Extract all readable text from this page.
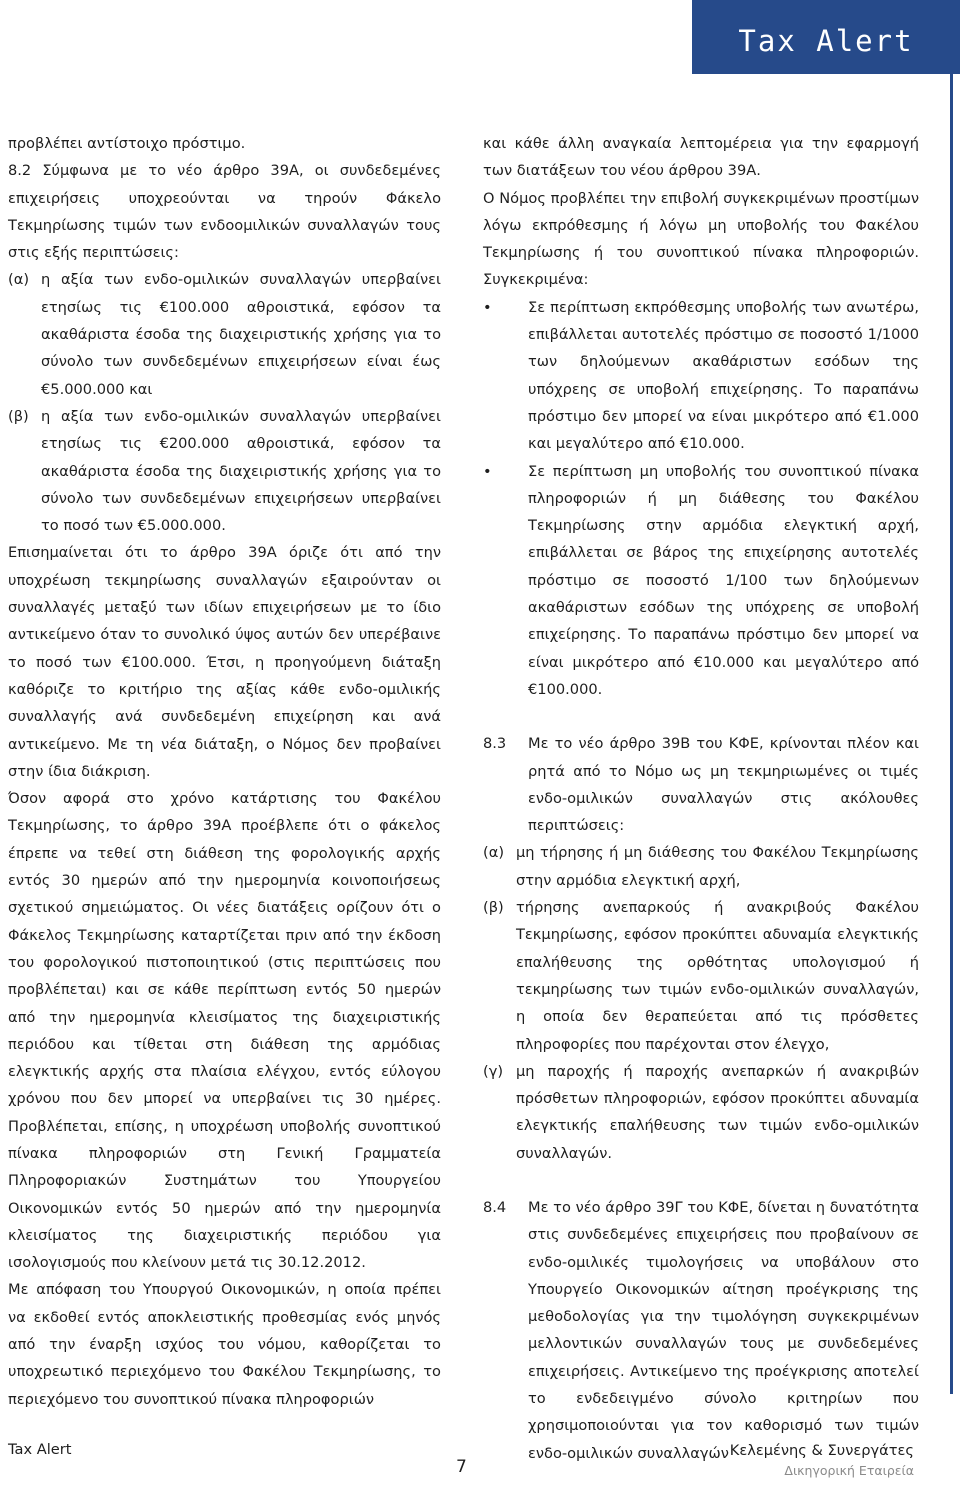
Tax Alert

προβλέπει αντίστοιχο πρόστιμο.

8.2 Σύμφωνα με το νέο άρθρο 39Α, οι συνδεδεμένες επιχειρήσεις υποχρεούνται να τηρούν Φάκελο Τεκμηρίωσης τιμών των ενδοομιλικών συναλλαγών τους στις εξής περιπτώσεις:

(α) η αξία των ενδο-ομιλικών συναλλαγών υπερβαίνει ετησίως τις €100.000 αθροιστικά, εφόσον τα ακαθάριστα έσοδα της διαχειριστικής χρήσης για το σύνολο των συνδεδεμένων επιχειρήσεων είναι έως €5.000.000 και
(β) η αξία των ενδο-ομιλικών συναλλαγών υπερβαίνει ετησίως τις €200.000 αθροιστικά, εφόσον τα ακαθάριστα έσοδα της διαχειριστικής χρήσης για το σύνολο των συνδεδεμένων επιχειρήσεων υπερβαίνει το ποσό των €5.000.000.

Επισημαίνεται ότι το άρθρο 39Α όριζε ότι από την υποχρέωση τεκμηρίωσης συναλλαγών εξαιρούνταν οι συναλλαγές μεταξύ των ιδίων επιχειρήσεων με το ίδιο αντικείμενο όταν το συνολικό ύψος αυτών δεν υπερέβαινε το ποσό των €100.000. Έτσι, η προηγούμενη διάταξη καθόριζε το κριτήριο της αξίας κάθε ενδο-ομιλικής συναλλαγής ανά συνδεδεμένη επιχείρηση και ανά αντικείμενο. Με τη νέα διάταξη, ο Νόμος δεν προβαίνει στην ίδια διάκριση.

Όσον αφορά στο χρόνο κατάρτισης του Φακέλου Τεκμηρίωσης, το άρθρο 39Α προέβλεπε ότι ο φάκελος έπρεπε να τεθεί στη διάθεση της φορολογικής αρχής εντός 30 ημερών από την ημερομηνία κοινοποιήσεως σχετικού σημειώματος. Οι νέες διατάξεις ορίζουν ότι ο Φάκελος Τεκμηρίωσης καταρτίζεται πριν από την έκδοση του φορολογικού πιστοποιητικού (στις περιπτώσεις που προβλέπεται) και σε κάθε περίπτωση εντός 50 ημερών από την ημερομηνία κλεισίματος της διαχειριστικής περιόδου και τίθεται στη διάθεση της αρμόδιας ελεγκτικής αρχής στα πλαίσια ελέγχου, εντός εύλογου χρόνου που δεν μπορεί να υπερβαίνει τις 30 ημέρες. Προβλέπεται, επίσης, η υποχρέωση υποβολής συνοπτικού πίνακα πληροφοριών στη Γενική Γραμματεία Πληροφοριακών Συστημάτων του Υπουργείου Οικονομικών εντός 50 ημερών από την ημερομηνία κλεισίματος της διαχειριστικής περιόδου για ισολογισμούς που κλείνουν μετά τις 30.12.2012.

Με απόφαση του Υπουργού Οικονομικών, η οποία πρέπει να εκδοθεί εντός αποκλειστικής προθεσμίας ενός μηνός από την έναρξη ισχύος του νόμου, καθορίζεται το υποχρεωτικό περιεχόμενο του Φακέλου Τεκμηρίωσης, το περιεχόμενο του συνοπτικού πίνακα πληροφοριών

και κάθε άλλη αναγκαία λεπτομέρεια για την εφαρμογή των διατάξεων του νέου άρθρου 39Α.

Ο Νόμος προβλέπει την επιβολή συγκεκριμένων προστίμων λόγω εκπρόθεσμης ή λόγω μη υποβολής του Φακέλου Τεκμηρίωσης ή του συνοπτικού πίνακα πληροφοριών. Συγκεκριμένα:

•	Σε περίπτωση εκπρόθεσμης υποβολής των ανωτέρω, επιβάλλεται αυτοτελές πρόστιμο σε ποσοστό 1/1000 των δηλούμενων ακαθάριστων εσόδων της υπόχρεης σε υποβολή επιχείρησης. Το παραπάνω πρόστιμο δεν μπορεί να είναι μικρότερο από €1.000 και μεγαλύτερο από €10.000.
•	Σε περίπτωση μη υποβολής του συνοπτικού πίνακα πληροφοριών ή μη διάθεσης του Φακέλου Τεκμηρίωσης στην αρμόδια ελεγκτική αρχή, επιβάλλεται σε βάρος της επιχείρησης αυτοτελές πρόστιμο σε ποσοστό 1/100 των δηλούμενων ακαθάριστων εσόδων της υπόχρεης σε υποβολή επιχείρησης. Το παραπάνω πρόστιμο δεν μπορεί να είναι μικρότερο από €10.000 και μεγαλύτερο από €100.000.
8.3	Με το νέο άρθρο 39Β του ΚΦΕ, κρίνονται πλέον και ρητά από το Νόμο ως μη τεκμηριωμένες οι τιμές ενδο-ομιλικών συναλλαγών στις ακόλουθες περιπτώσεις:
(α) μη τήρησης ή μη διάθεσης του Φακέλου Τεκμηρίωσης στην αρμόδια ελεγκτική αρχή,
(β) τήρησης ανεπαρκούς ή ανακριβούς Φακέλου Τεκμηρίωσης, εφόσον προκύπτει αδυναμία ελεγκτικής επαλήθευσης της ορθότητας υπολογισμού ή τεκμηρίωσης των τιμών ενδο-ομιλικών συναλλαγών, η οποία δεν θεραπεύεται από τις πρόσθετες πληροφορίες που παρέχονται στον έλεγχο,
(γ) μη παροχής ή παροχής ανεπαρκών ή ανακριβών πρόσθετων πληροφοριών, εφόσον προκύπτει αδυναμία ελεγκτικής επαλήθευσης των τιμών ενδο-ομιλικών συναλλαγών.
8.4	Με το νέο άρθρο 39Γ του ΚΦΕ, δίνεται η δυνατότητα στις συνδεδεμένες επιχειρήσεις που προβαίνουν σε ενδο-ομιλικές τιμολογήσεις να υποβάλουν στο Υπουργείο Οικονομικών αίτηση προέγκρισης της μεθοδολογίας για την τιμολόγηση συγκεκριμένων μελλοντικών συναλλαγών τους με συνδεδεμένες επιχειρήσεις. Αντικείμενο της προέγκρισης αποτελεί το ενδεδειγμένο σύνολο κριτηρίων που χρησιμοποιούνται για τον καθορισμό των τιμών ενδο-ομιλικών συναλλαγών
Tax Alert
7
Κελεμένης & Συνεργάτες
Δικηγορική Εταιρεία
